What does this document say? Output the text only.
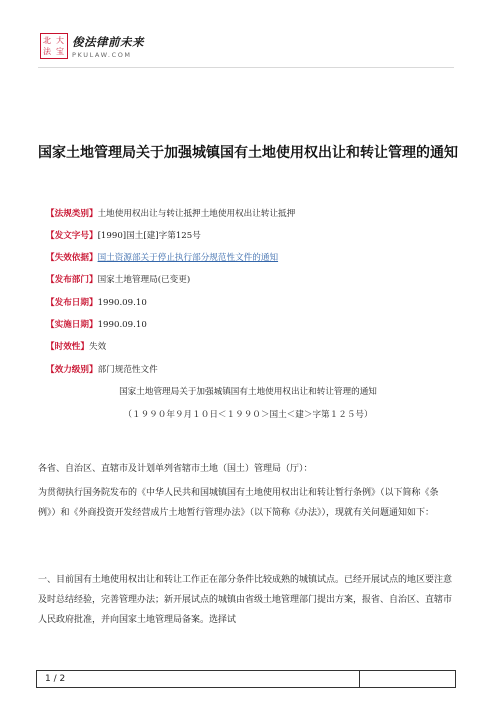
北 大
法 宝
俊法律前未来
PKULAW.COM
国家土地管理局关于加强城镇国有土地使用权出让和转让管理的通知
【法规类别】土地使用权出让与转让抵押土地使用权出让转让抵押
【发文字号】[1990]国土[建]字第125号
【失效依据】国土资源部关于停止执行部分规范性文件的通知
【发布部门】国家土地管理局(已变更)
【发布日期】1990.09.10
【实施日期】1990.09.10
【时效性】失效
【效力级别】部门规范性文件
国家土地管理局关于加强城镇国有土地使用权出让和转让管理的通知
（１９９０年９月１０日＜１９９０＞国土＜建＞字第１２５号）
各省、自治区、直辖市及计划单列省辖市土地（国土）管理局（厅）：
为贯彻执行国务院发布的《中华人民共和国城镇国有土地使用权出让和转让暂行条例》（以下简称《条例》）和《外商投资开发经营成片土地暂行管理办法》（以下简称《办法》），现就有关问题通知如下：
一、目前国有土地使用权出让和转让工作正在部分条件比较成熟的城镇试点。已经开展试点的地区要注意及时总结经验，完善管理办法；新开展试点的城镇由省级土地管理部门提出方案，报省、自治区、直辖市人民政府批准，并向国家土地管理局备案。选择试
1 / 2
